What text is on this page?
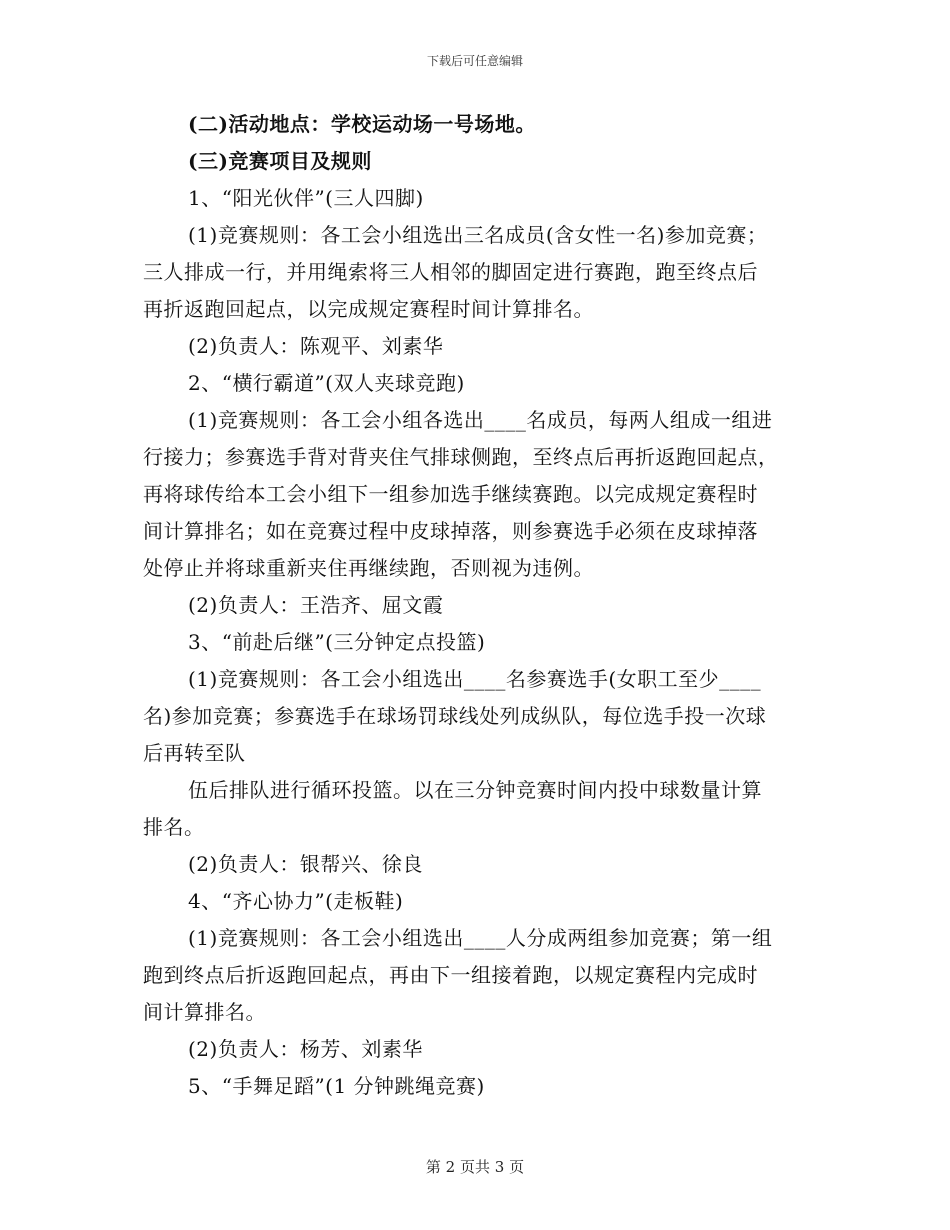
下载后可任意编辑

(二)活动地点：学校运动场一号场地。

(三)竞赛项目及规则

1、“阳光伙伴”(三人四脚)

(1)竞赛规则：各工会小组选出三名成员(含女性一名)参加竞赛；
三人排成一行，并用绳索将三人相邻的脚固定进行赛跑，跑至终点后
再折返跑回起点，以完成规定赛程时间计算排名。

(2)负责人：陈观平、刘素华

2、“横行霸道”(双人夹球竞跑)

(1)竞赛规则：各工会小组各选出____名成员，每两人组成一组进
行接力；参赛选手背对背夹住气排球侧跑，至终点后再折返跑回起点，
再将球传给本工会小组下一组参加选手继续赛跑。以完成规定赛程时
间计算排名；如在竞赛过程中皮球掉落，则参赛选手必须在皮球掉落
处停止并将球重新夹住再继续跑，否则视为违例。

(2)负责人：王浩齐、屈文霞

3、“前赴后继”(三分钟定点投篮)

(1)竞赛规则：各工会小组选出____名参赛选手(女职工至少____
名)参加竞赛；参赛选手在球场罚球线处列成纵队，每位选手投一次球
后再转至队

伍后排队进行循环投篮。以在三分钟竞赛时间内投中球数量计算
排名。

(2)负责人：银帮兴、徐良

4、“齐心协力”(走板鞋)

(1)竞赛规则：各工会小组选出____人分成两组参加竞赛；第一组
跑到终点后折返跑回起点，再由下一组接着跑，以规定赛程内完成时
间计算排名。

(2)负责人：杨芳、刘素华

5、“手舞足蹈”(1 分钟跳绳竞赛)

第 2 页共 3 页
